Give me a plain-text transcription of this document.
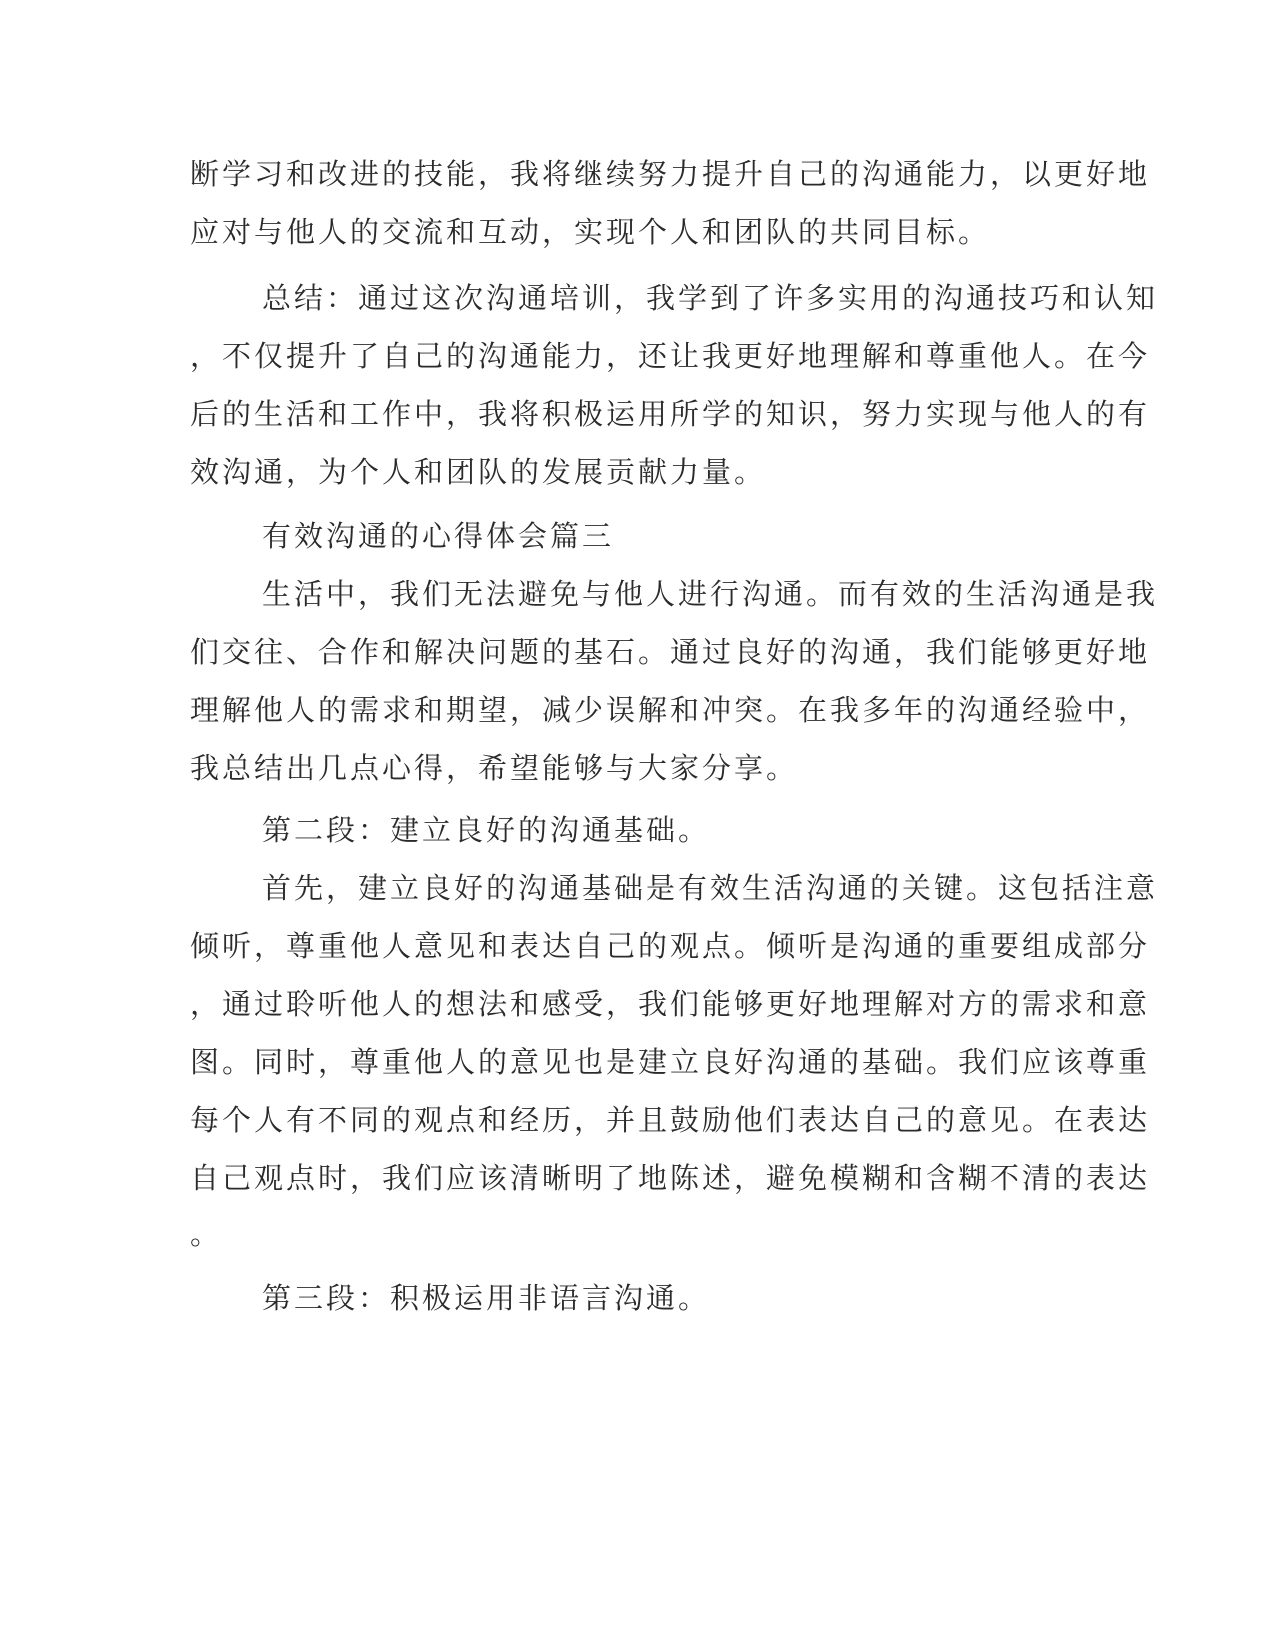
断学习和改进的技能，我将继续努力提升自己的沟通能力，以更好地
应对与他人的交流和互动，实现个人和团队的共同目标。
总结：通过这次沟通培训，我学到了许多实用的沟通技巧和认知
，不仅提升了自己的沟通能力，还让我更好地理解和尊重他人。在今
后的生活和工作中，我将积极运用所学的知识，努力实现与他人的有
效沟通，为个人和团队的发展贡献力量。
有效沟通的心得体会篇三
生活中，我们无法避免与他人进行沟通。而有效的生活沟通是我
们交往、合作和解决问题的基石。通过良好的沟通，我们能够更好地
理解他人的需求和期望，减少误解和冲突。在我多年的沟通经验中，
我总结出几点心得，希望能够与大家分享。
第二段：建立良好的沟通基础。
首先，建立良好的沟通基础是有效生活沟通的关键。这包括注意
倾听，尊重他人意见和表达自己的观点。倾听是沟通的重要组成部分
，通过聆听他人的想法和感受，我们能够更好地理解对方的需求和意
图。同时，尊重他人的意见也是建立良好沟通的基础。我们应该尊重
每个人有不同的观点和经历，并且鼓励他们表达自己的意见。在表达
自己观点时，我们应该清晰明了地陈述，避免模糊和含糊不清的表达
。
第三段：积极运用非语言沟通。
